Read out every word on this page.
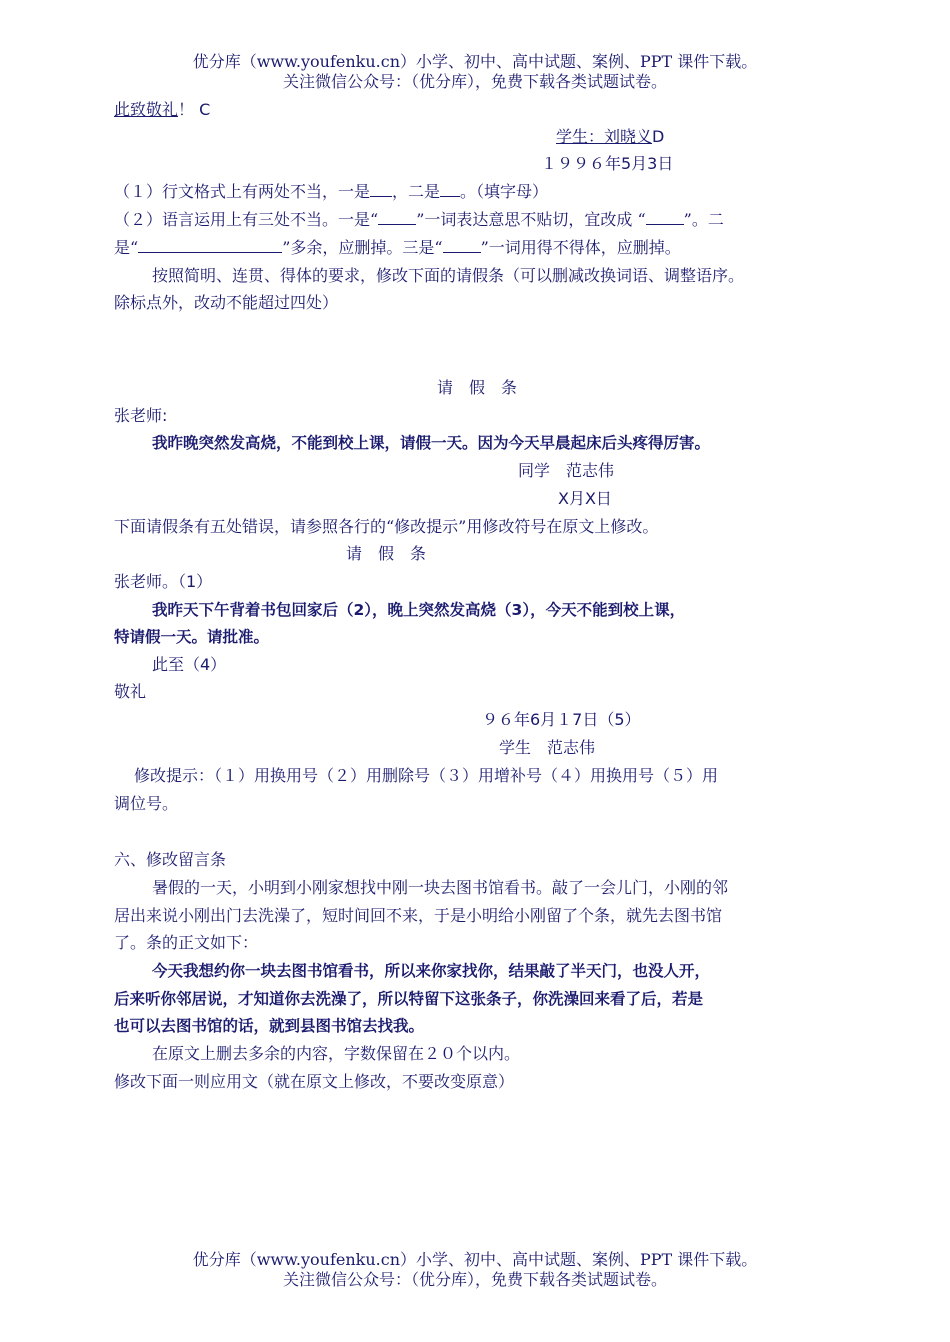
优分库（www.youfenku.cn）小学、初中、高中试题、案例、PPT 课件下载。
关注微信公众号：（优分库），免费下载各类试题试卷。
此致敬礼！ C
学生：刘晓义D
１９９６年5月3日
（１）行文格式上有两处不当，一是 ，二是 。（填字母）
（２）语言运用上有三处不当。一是“ ”一词表达意思不贴切，宜改成 “ ”。二
是“	”多余，应删掉。三是“ ”一词用得不得体，应删掉。
按照简明、连贯、得体的要求，修改下面的请假条（可以删减改换词语、调整语序。
除标点外，改动不能超过四处）
请　假　条
张老师:
我昨晚突然发高烧，不能到校上课，请假一天。因为今天早晨起床后头疼得厉害。
同学　范志伟
X月X日
下面请假条有五处错误，请参照各行的“修改提示”用修改符号在原文上修改。
请　假　条
张老师。（1）
我昨天下午背着书包回家后（2），晚上突然发高烧（3），今天不能到校上课，
特请假一天。请批准。
此至（4）
敬礼
９６年6月１7日（5）
学生　范志伟
修改提示：（１）用换用号（２）用删除号（３）用增补号（４）用换用号（５）用
调位号。
六、修改留言条
暑假的一天，小明到小刚家想找中刚一块去图书馆看书。敲了一会儿门，小刚的邻
居出来说小刚出门去洗澡了，短时间回不来，于是小明给小刚留了个条，就先去图书馆
了。条的正文如下：
今天我想约你一块去图书馆看书，所以来你家找你，结果敲了半天门，也没人开，
后来听你邻居说，才知道你去洗澡了，所以特留下这张条子，你洗澡回来看了后，若是
也可以去图书馆的话，就到县图书馆去找我。
在原文上删去多余的内容，字数保留在２０个以内。
修改下面一则应用文（就在原文上修改，不要改变原意）
优分库（www.youfenku.cn）小学、初中、高中试题、案例、PPT 课件下载。
关注微信公众号：（优分库），免费下载各类试题试卷。
